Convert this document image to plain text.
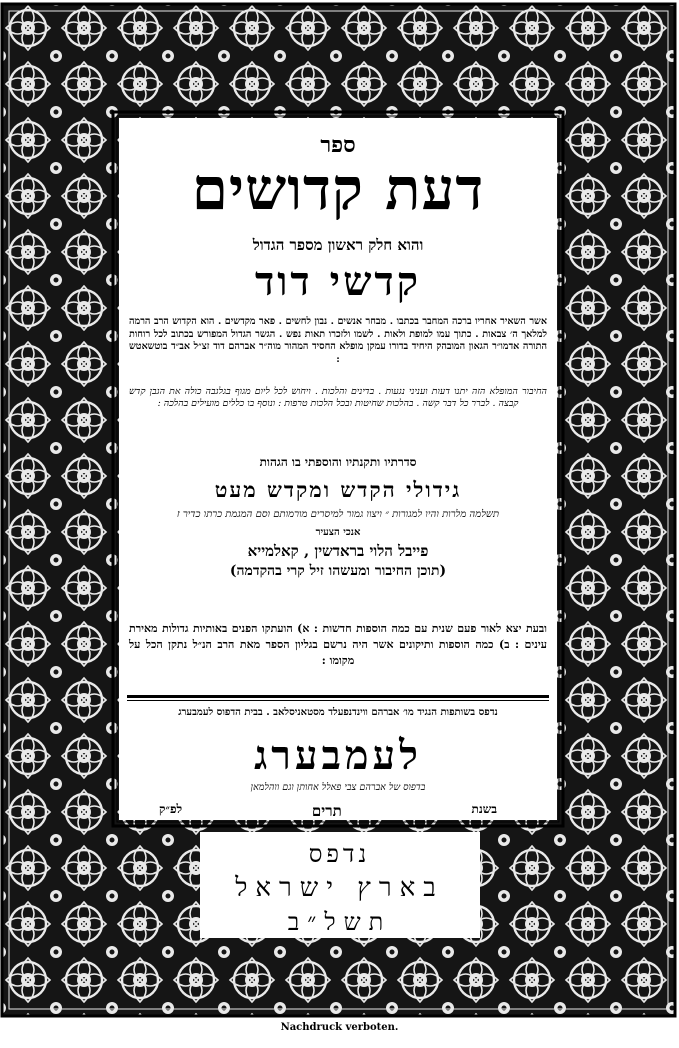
ספר
דעת קדושים
והוא חלק ראשון מספר הגדול
קדשי דוד
אשר השאיר אחריו ברכה המחבר בכתבו . מבחר אנשים . נבון לחשים . פאר מקדשים . הוא הקדוש הרב הרמה למלאך ה׳ צבאות . כתוך עמו למופת ולאות . לשמו ולזכרו תאות נפש . הגשר הגדול המפורש בכתוב לכל רוחות התורה אדמו״ר הגאון המובהק היחיד בדורו עמקן מופלא החסיד המהור מוה״ר אברהם דוד זצ״ל אב״ד בוטשאטש :
החיבור המופלא הזה יתנו דעות ועניני נגעות . בדינים והלכות . ויחוש לכל ליום מגוף בגלגבה כולה את הגבן קדש קבצה . לברר כל דבר קשה . בהלכות שחיטות ובכל הלכות טרפות : ונוסף בו כללים מועילים בהלכה :
סדרתיו ותקנתיו והוספתי בו הגהות
גידולי הקדש ומקדש מעט
תשלמה מלרות והיו למגורות ״ ויצוו גמור למיסרים מורמותם וסם המגמת כרתו כדיר ז
אנכי הצעיר
פייבל הלוי בראדשין , קאלמייא
(תוכן החיבור ומעשהו זיל קרי בהקדמה)
ובעת יצא לאור פעם שנית עם כמה הוספות חדשות : א) הועתקו הפנים באותיות גדולות מאירת עינים : ב) כמה הוספות ותיקונים אשר היה נרשם בגליון הספר מאת הרב הנ״ל נתקן הכל על מקומו :
נדפס בשותפות הנגיד מו׳ אברהם ווינדנפעלד מסטאניסלאב . בבית הדפוס לעמבערג
לעמבערג
בדפוס של אברהם צבי פאלל אחותן וגם ווהלמאן
בשנת
תרים
לפ״ק
נדפס
בארץ ישראל
תשל״ב
Nachdruck verboten.
